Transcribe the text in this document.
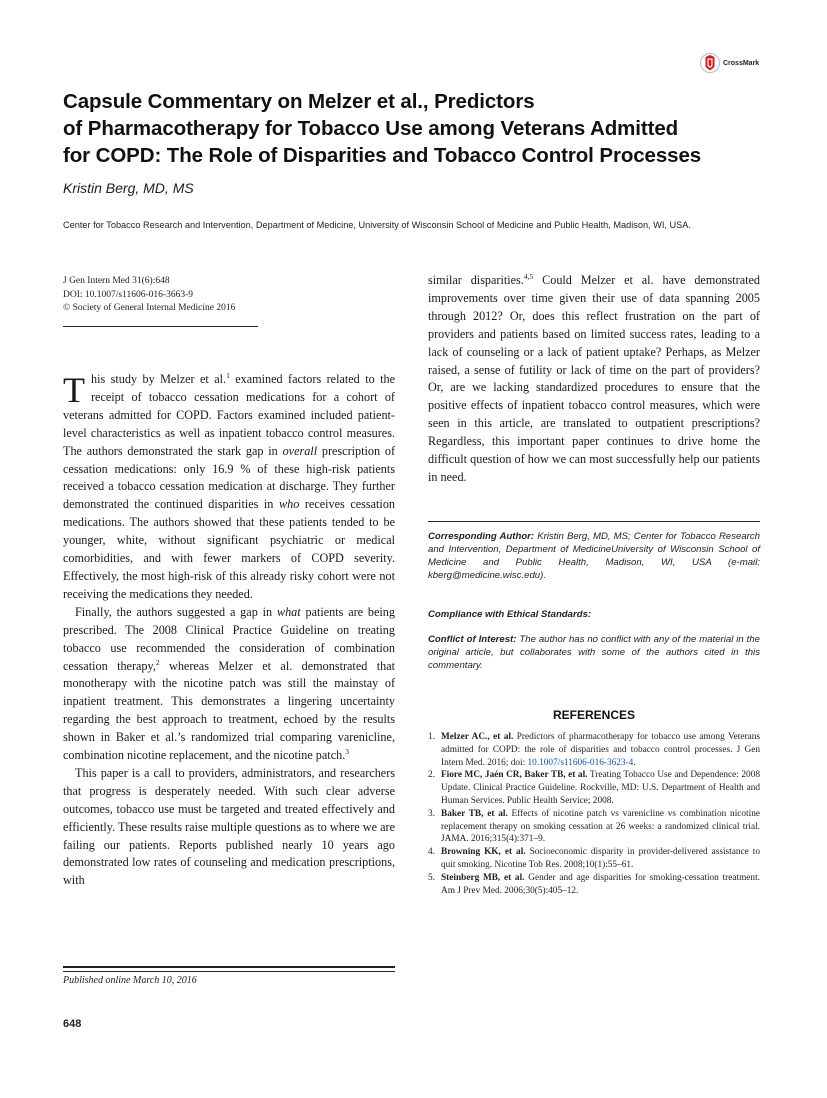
CrossMark
Capsule Commentary on Melzer et al., Predictors
of Pharmacotherapy for Tobacco Use among Veterans Admitted
for COPD: The Role of Disparities and Tobacco Control Processes
Kristin Berg, MD, MS
Center for Tobacco Research and Intervention, Department of Medicine, University of Wisconsin School of Medicine and Public Health, Madison, WI, USA.
J Gen Intern Med 31(6):648
DOI: 10.1007/s11606-016-3663-9
© Society of General Internal Medicine 2016

This study by Melzer et al.$^1$ examined factors related to the receipt of tobacco cessation medications for a cohort of veterans admitted for COPD. Factors examined included patient-level characteristics as well as inpatient tobacco control measures. The authors demonstrated the stark gap in overall prescription of cessation medications: only 16.9 % of these high-risk patients received a tobacco cessation medication at discharge. They further demonstrated the continued disparities in who receives cessation medications. The authors showed that these patients tended to be younger, white, without significant psychiatric or medical comorbidities, and with fewer markers of COPD severity. Effectively, the most high-risk of this already risky cohort were not receiving the medications they needed.

Finally, the authors suggested a gap in what patients are being prescribed. The 2008 Clinical Practice Guideline on treating tobacco use recommended the consideration of combination cessation therapy,$^2$ whereas Melzer et al. demonstrated that monotherapy with the nicotine patch was still the mainstay of inpatient treatment. This demonstrates a lingering uncertainty regarding the best approach to treatment, echoed by the results shown in Baker et al.’s randomized trial comparing varenicline, combination nicotine replacement, and the nicotine patch.$^3$

This paper is a call to providers, administrators, and researchers that progress is desperately needed. With such clear adverse outcomes, tobacco use must be targeted and treated effectively and efficiently. These results raise multiple questions as to where we are failing our patients. Reports published nearly 10 years ago demonstrated low rates of counseling and medication prescriptions, with

similar disparities.$^{4,5}$ Could Melzer et al. have demonstrated improvements over time given their use of data spanning 2005 through 2012? Or, does this reflect frustration on the part of providers and patients based on limited success rates, leading to a lack of counseling or a lack of patient uptake? Perhaps, as Melzer raised, a sense of futility or lack of time on the part of providers? Or, are we lacking standardized procedures to ensure that the positive effects of inpatient tobacco control measures, which were seen in this article, are translated to outpatient prescriptions? Regardless, this important paper continues to drive home the difficult question of how we can most successfully help our patients in need.

Corresponding Author: Kristin Berg, MD, MS; Center for Tobacco Research and Intervention, Department of MedicineUniversity of Wisconsin School of Medicine and Public Health, Madison, WI, USA (e-mail: kberg@medicine.wisc.edu).
Compliance with Ethical Standards:
Conflict of Interest: The author has no conflict with any of the material in the original article, but collaborates with some of the authors cited in this commentary.
REFERENCES
1. Melzer AC., et al. Predictors of pharmacotherapy for tobacco use among Veterans admitted for COPD: the role of disparities and tobacco control processes. J Gen Intern Med. 2016; doi: 10.1007/s11606-016-3623-4.
2. Fiore MC, Jaén CR, Baker TB, et al. Treating Tobacco Use and Dependence: 2008 Update. Clinical Practice Guideline. Rockville, MD: U.S. Department of Health and Human Services. Public Health Service; 2008.
3. Baker TB, et al. Effects of nicotine patch vs varenicline vs combination nicotine replacement therapy on smoking cessation at 26 weeks: a randomized clinical trial. JAMA. 2016;315(4):371–9.
4. Browning KK, et al. Socioeconomic disparity in provider-delivered assistance to quit smoking. Nicotine Tob Res. 2008;10(1):55–61.
5. Steinberg MB, et al. Gender and age disparities for smoking-cessation treatment. Am J Prev Med. 2006;30(5):405–12.
Published online March 10, 2016
648
